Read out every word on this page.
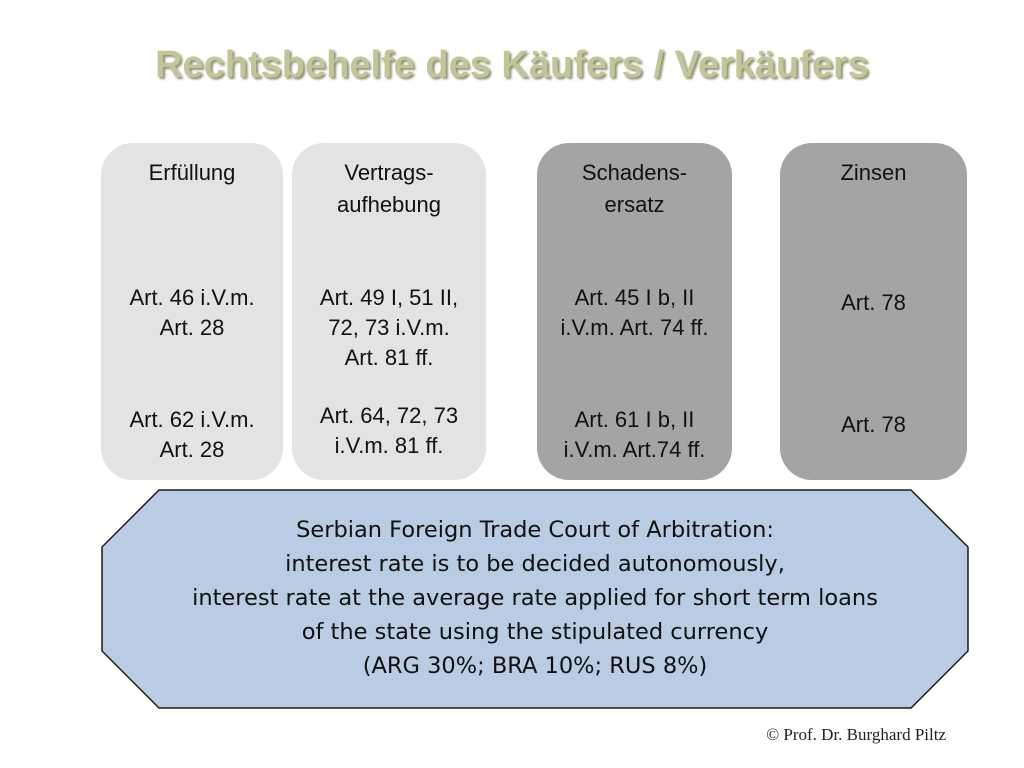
Rechtsbehelfe des Käufers / Verkäufers
Erfüllung
Art. 46 i.V.m.
Art. 28
Art. 62 i.V.m.
Art. 28
Vertrags-
aufhebung
Art. 49 I, 51 II,
72, 73 i.V.m.
Art. 81 ff.
Art. 64, 72, 73
i.V.m. 81 ff.
Schadens-
ersatz
Art. 45 I b, II
i.V.m. Art. 74 ff.
Art. 61 I b, II
i.V.m. Art.74 ff.
Zinsen
Art. 78
Art. 78
Serbian Foreign Trade Court of Arbitration:
interest rate is to be decided autonomously,
interest rate at the average rate applied for short term loans
of the state using the stipulated currency
(ARG 30%; BRA 10%; RUS 8%)
© Prof. Dr. Burghard Piltz
